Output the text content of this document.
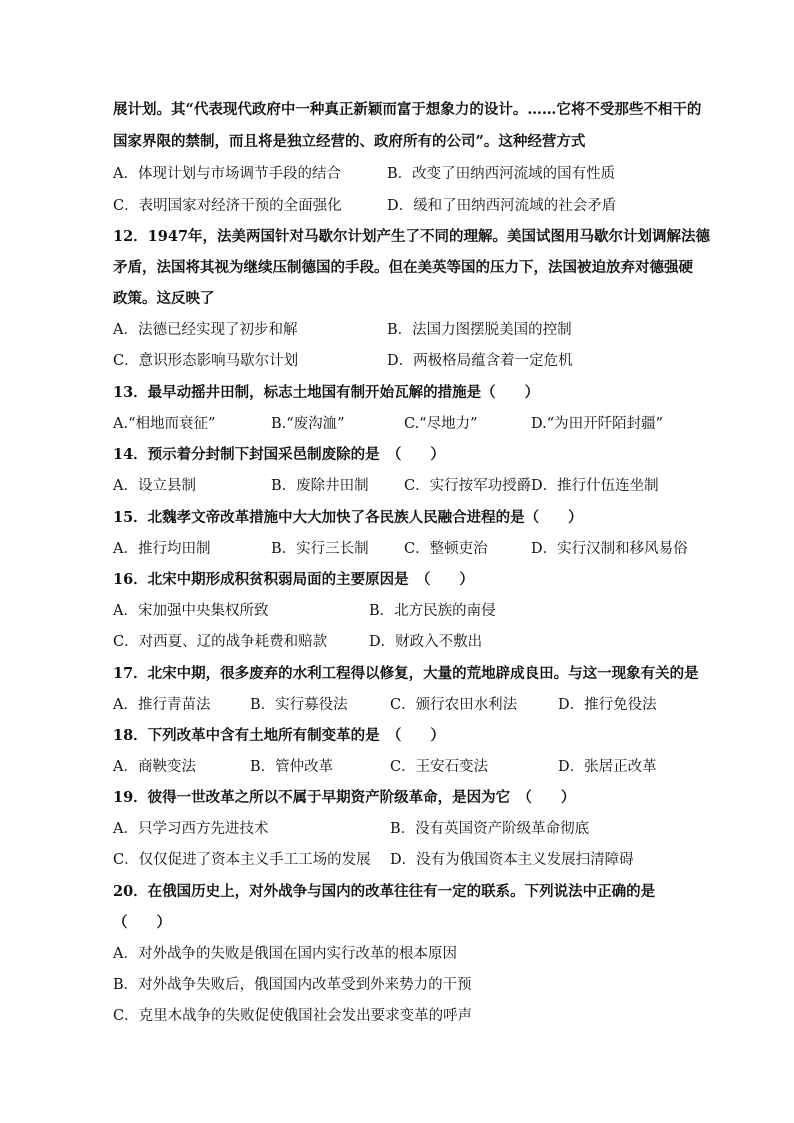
展计划。其“代表现代政府中一种真正新颖而富于想象力的设计。……它将不受那些不相干的
国家界限的禁制，而且将是独立经营的、政府所有的公司”。这种经营方式
A．体现计划与市场调节手段的结合	B．改变了田纳西河流域的国有性质
C．表明国家对经济干预的全面强化	D．缓和了田纳西河流域的社会矛盾
12．1947年，法美两国针对马歇尔计划产生了不同的理解。美国试图用马歇尔计划调解法德
矛盾，法国将其视为继续压制德国的手段。但在美英等国的压力下，法国被迫放弃对德强硬
政策。这反映了
A．法德已经实现了初步和解	B．法国力图摆脱美国的控制
C．意识形态影响马歇尔计划	D．两极格局蕴含着一定危机
13．最早动摇井田制，标志土地国有制开始瓦解的措施是（　　）
A.“相地而衰征”	B.“废沟洫”	C.“尽地力”	D.“为田开阡陌封疆”
14．预示着分封制下封国采邑制废除的是　（　　）
A．设立县制	B．废除井田制 C．实行按军功授爵 D．推行什伍连坐制
15．北魏孝文帝改革措施中大大加快了各民族人民融合进程的是（　　）
A．推行均田制	B．实行三长制 C．整顿吏治	D．实行汉制和移风易俗
16．北宋中期形成积贫积弱局面的主要原因是　（　　）
A．宋加强中央集权所致	B．北方民族的南侵
C．对西夏、辽的战争耗费和赔款	D．财政入不敷出
17．北宋中期，很多废弃的水利工程得以修复，大量的荒地辟成良田。与这一现象有关的是
A．推行青苗法	B．实行募役法	C．颁行农田水利法	D．推行免役法
18．下列改革中含有土地所有制变革的是　（　　）
A．商鞅变法	B．管仲改革	C．王安石变法	D．张居正改革
19．彼得一世改革之所以不属于早期资产阶级革命，是因为它　（　　）
A．只学习西方先进技术	B．没有英国资产阶级革命彻底
C．仅仅促进了资本主义手工工场的发展 D．没有为俄国资本主义发展扫清障碍
20．在俄国历史上，对外战争与国内的改革往往有一定的联系。下列说法中正确的是
（　　）
A．对外战争的失败是俄国在国内实行改革的根本原因
B．对外战争失败后，俄国国内改革受到外来势力的干预
C．克里木战争的失败促使俄国社会发出要求变革的呼声
